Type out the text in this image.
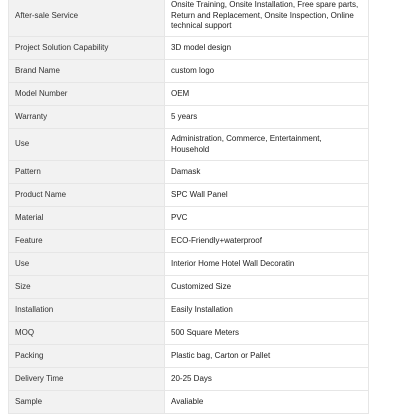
After-sale Service	Onsite Training, Onsite Installation, Free spare parts, Return and Replacement, Onsite Inspection, Online technical support
Project Solution Capability	3D model design
Brand Name	custom logo
Model Number	OEM
Warranty	5 years
Use	Administration, Commerce, Entertainment, Household
Pattern	Damask
Product Name	SPC Wall Panel
Material	PVC
Feature	ECO-Friendly+waterproof
Use	Interior Home Hotel Wall Decoratin
Size	Customized Size
Installation	Easily Installation
MOQ	500 Square Meters
Packing	Plastic bag, Carton or Pallet
Delivery Time	20-25 Days
Sample	Avaliable
